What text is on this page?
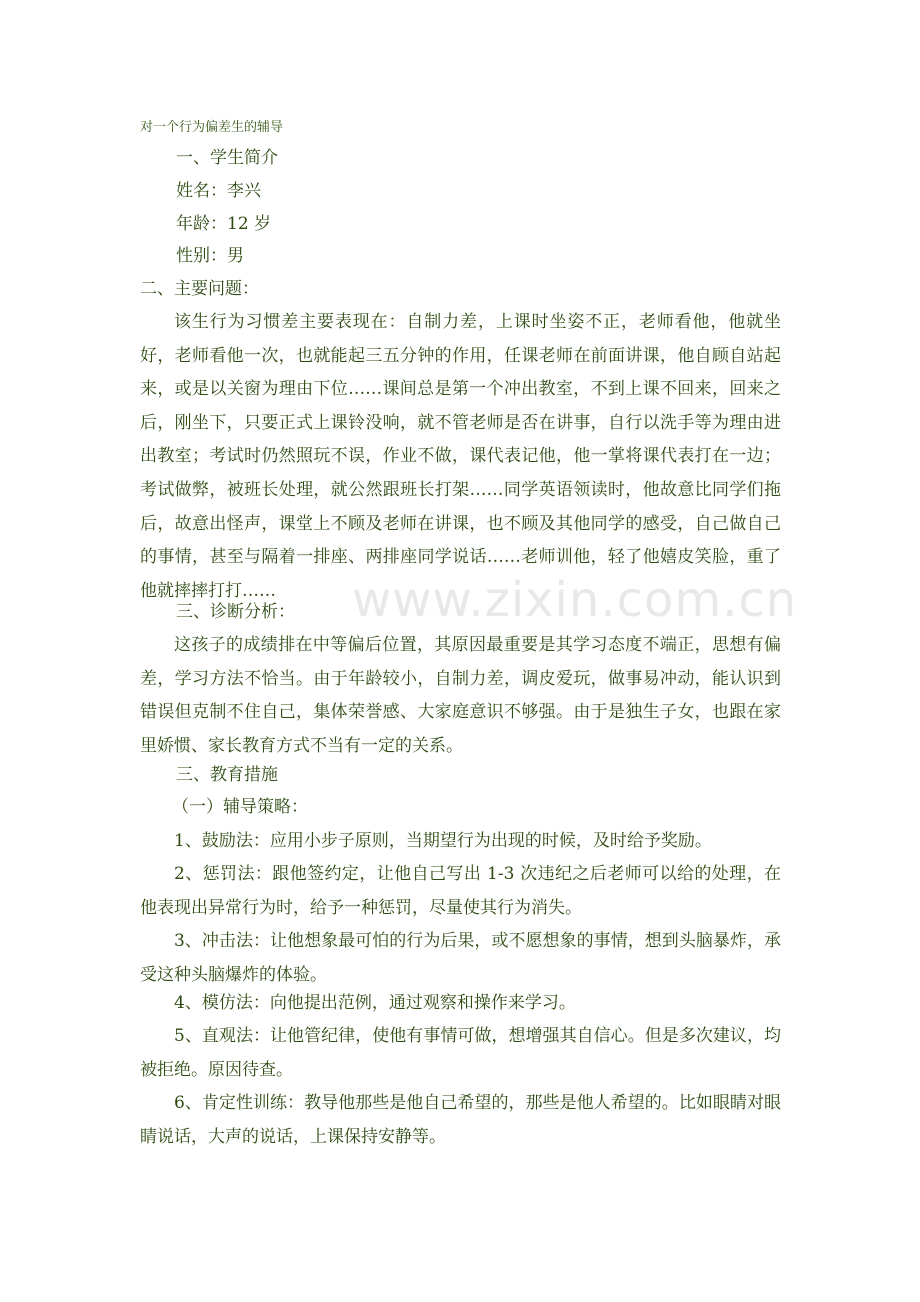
www.zixin.com.cn
对一个行为偏差生的辅导
一、学生简介
姓名：李兴
年龄：12 岁
性别：男
二、主要问题：
该生行为习惯差主要表现在：自制力差，上课时坐姿不正，老师看他，他就坐好，老师看他一次，也就能起三五分钟的作用，任课老师在前面讲课，他自顾自站起来，或是以关窗为理由下位……课间总是第一个冲出教室，不到上课不回来，回来之后，刚坐下，只要正式上课铃没响，就不管老师是否在讲事，自行以洗手等为理由进出教室；考试时仍然照玩不误，作业不做，课代表记他，他一掌将课代表打在一边；考试做弊，被班长处理，就公然跟班长打架……同学英语领读时，他故意比同学们拖后，故意出怪声，课堂上不顾及老师在讲课，也不顾及其他同学的感受，自己做自己的事情，甚至与隔着一排座、两排座同学说话……老师训他，轻了他嬉皮笑脸，重了他就摔摔打打……
三、诊断分析：
这孩子的成绩排在中等偏后位置，其原因最重要是其学习态度不端正，思想有偏差，学习方法不恰当。由于年龄较小，自制力差，调皮爱玩，做事易冲动，能认识到错误但克制不住自己，集体荣誉感、大家庭意识不够强。由于是独生子女，也跟在家里娇惯、家长教育方式不当有一定的关系。
三、教育措施
（一）辅导策略：
1、鼓励法：应用小步子原则，当期望行为出现的时候，及时给予奖励。
2、惩罚法：跟他签约定，让他自己写出 1-3 次违纪之后老师可以给的处理，在他表现出异常行为时，给予一种惩罚，尽量使其行为消失。
3、冲击法：让他想象最可怕的行为后果，或不愿想象的事情，想到头脑暴炸，承受这种头脑爆炸的体验。
4、模仿法：向他提出范例，通过观察和操作来学习。
5、直观法：让他管纪律，使他有事情可做，想增强其自信心。但是多次建议，均被拒绝。原因待查。
6、肯定性训练：教导他那些是他自己希望的，那些是他人希望的。比如眼睛对眼睛说话，大声的说话，上课保持安静等。
